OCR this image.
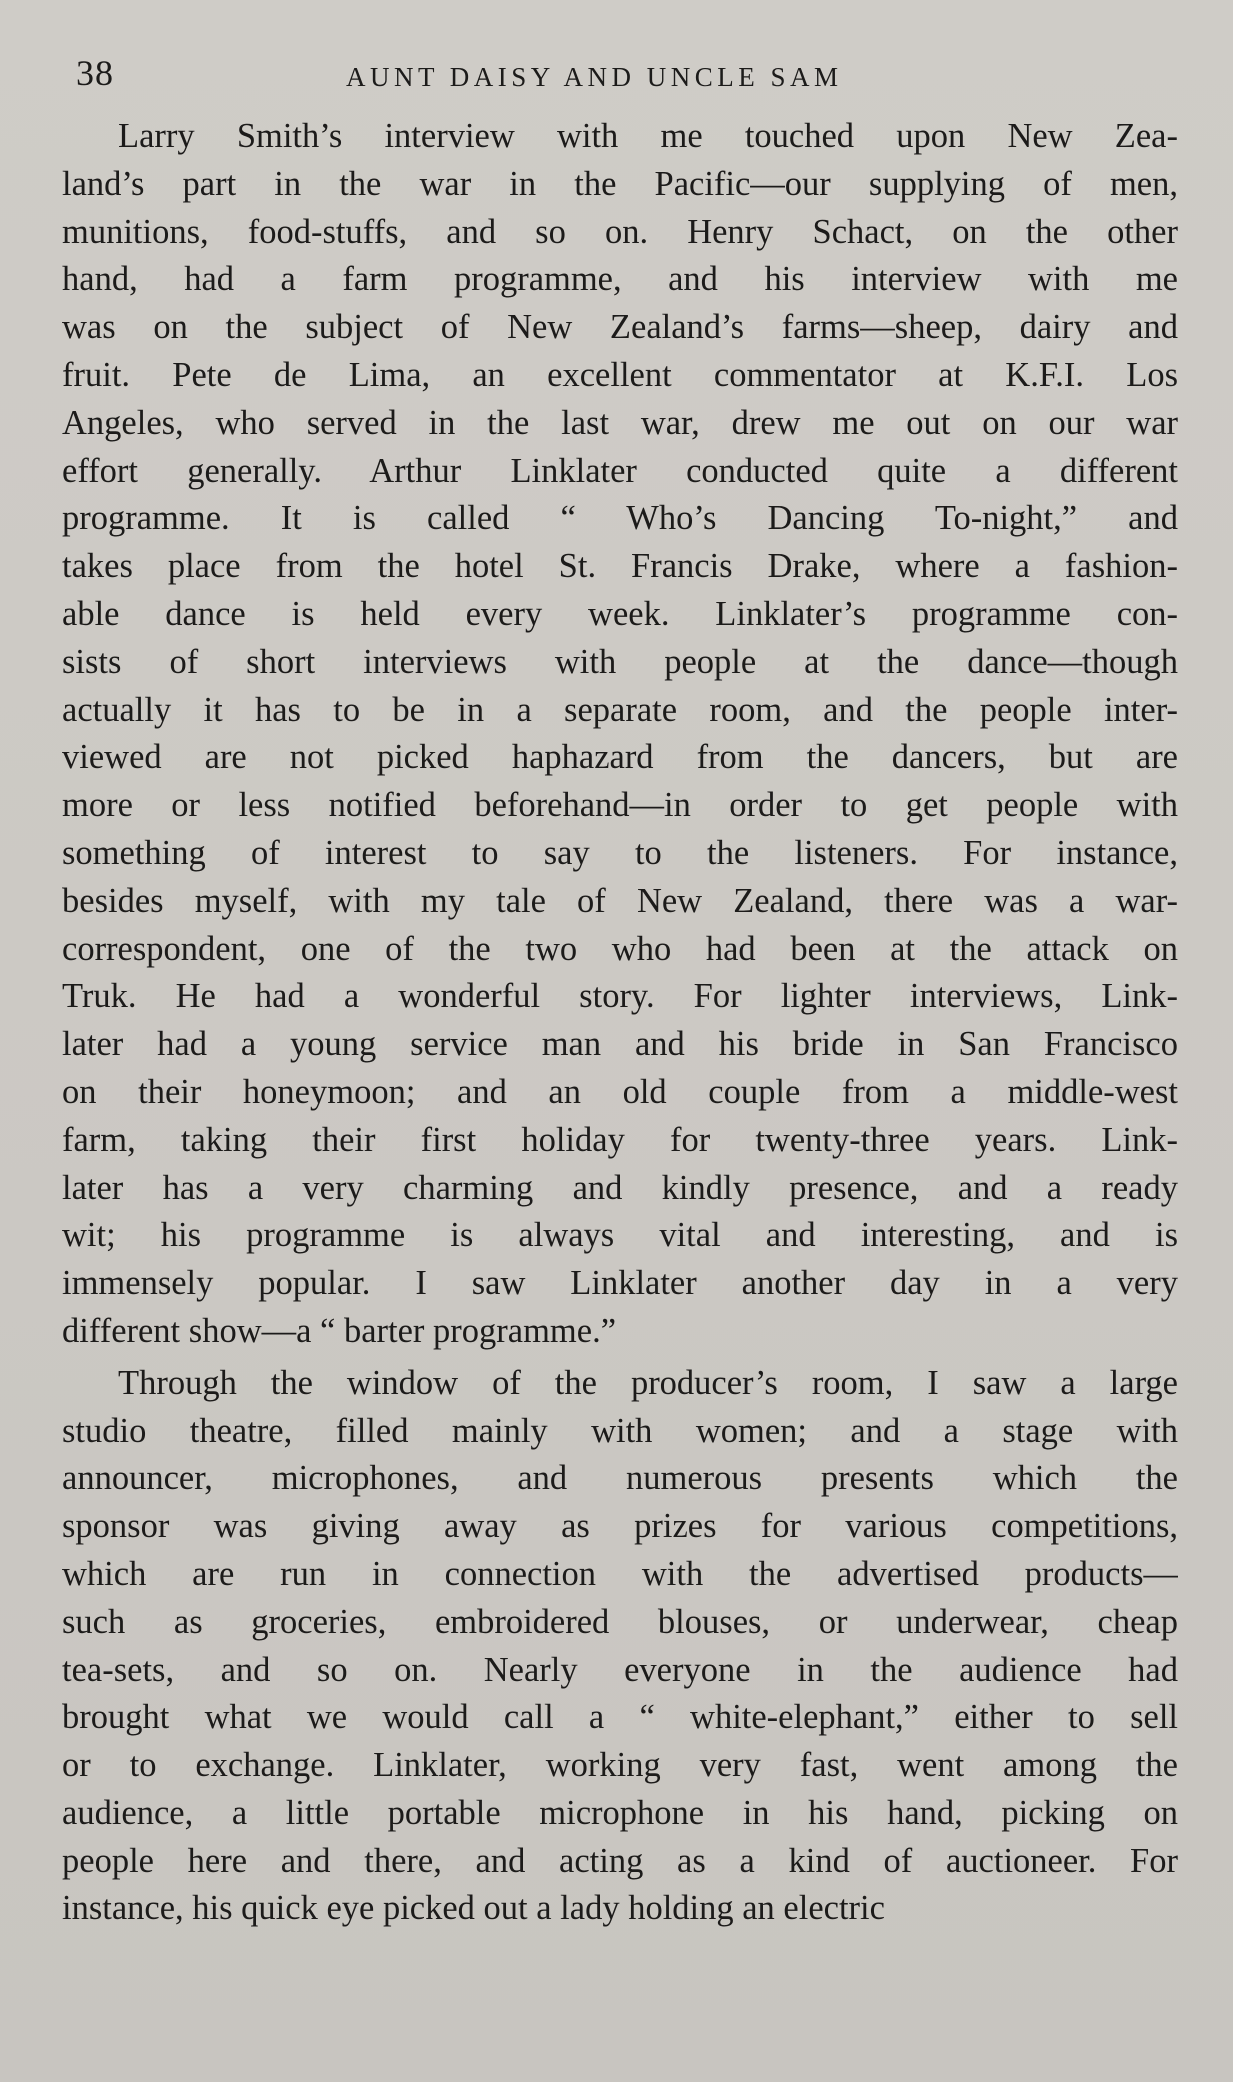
38	AUNT DAISY AND UNCLE SAM
Larry Smith’s interview with me touched upon New Zea-
land’s part in the war in the Pacific—our supplying of men,
munitions, food-stuffs, and so on. Henry Schact, on the other
hand, had a farm programme, and his interview with me
was on the subject of New Zealand’s farms—sheep, dairy and
fruit. Pete de Lima, an excellent commentator at K.F.I. Los
Angeles, who served in the last war, drew me out on our war
effort generally. Arthur Linklater conducted quite a different
programme. It is called “ Who’s Dancing To-night,” and
takes place from the hotel St. Francis Drake, where a fashion-
able dance is held every week. Linklater’s programme con-
sists of short interviews with people at the dance—though
actually it has to be in a separate room, and the people inter-
viewed are not picked haphazard from the dancers, but are
more or less notified beforehand—in order to get people with
something of interest to say to the listeners. For instance,
besides myself, with my tale of New Zealand, there was a war-
correspondent, one of the two who had been at the attack on
Truk. He had a wonderful story. For lighter interviews, Link-
later had a young service man and his bride in San Francisco
on their honeymoon; and an old couple from a middle-west
farm, taking their first holiday for twenty-three years. Link-
later has a very charming and kindly presence, and a ready
wit; his programme is always vital and interesting, and is
immensely popular. I saw Linklater another day in a very
different show—a “ barter programme.”
Through the window of the producer’s room, I saw a large
studio theatre, filled mainly with women; and a stage with
announcer, microphones, and numerous presents which the
sponsor was giving away as prizes for various competitions,
which are run in connection with the advertised products—
such as groceries, embroidered blouses, or underwear, cheap
tea-sets, and so on. Nearly everyone in the audience had
brought what we would call a “ white-elephant,” either to sell
or to exchange. Linklater, working very fast, went among the
audience, a little portable microphone in his hand, picking on
people here and there, and acting as a kind of auctioneer. For
instance, his quick eye picked out a lady holding an electric
